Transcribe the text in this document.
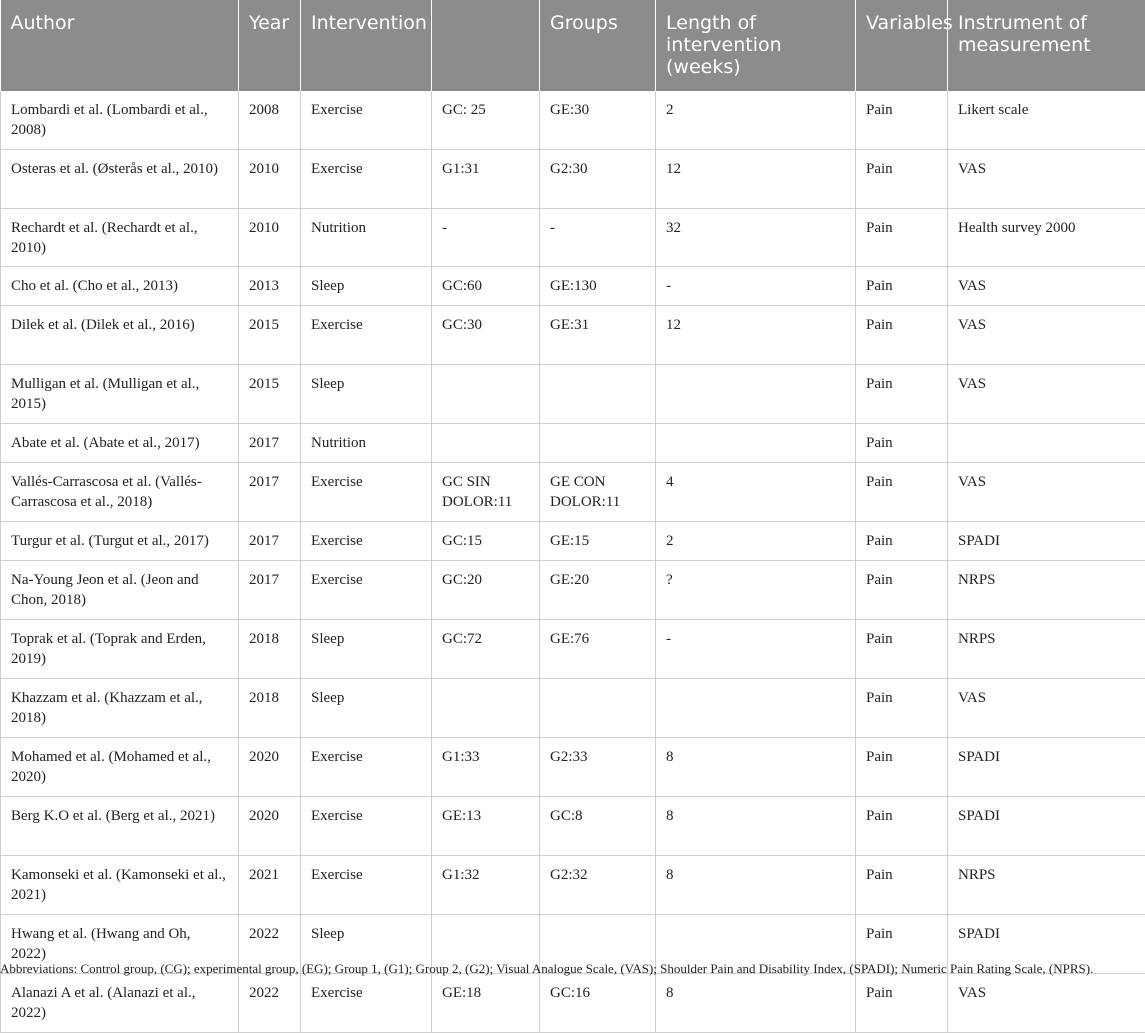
Author	Year	Intervention		Groups	Length of intervention (weeks)	Variables	Instrument of measurement
Lombardi et al. (Lombardi et al., 2008)	2008	Exercise	GC: 25	GE:30	2	Pain	Likert scale
Osteras et al. (Østerås et al., 2010)	2010	Exercise	G1:31	G2:30	12	Pain	VAS
Rechardt et al. (Rechardt et al., 2010)	2010	Nutrition	-	-	32	Pain	Health survey 2000
Cho et al. (Cho et al., 2013)	2013	Sleep	GC:60	GE:130	-	Pain	VAS
Dilek et al. (Dilek et al., 2016)	2015	Exercise	GC:30	GE:31	12	Pain	VAS
Mulligan et al. (Mulligan et al., 2015)	2015	Sleep				Pain	VAS
Abate et al. (Abate et al., 2017)	2017	Nutrition				Pain	
Vallés-Carrascosa et al. (Vallés-Carrascosa et al., 2018)	2017	Exercise	GC SIN DOLOR:11	GE CON DOLOR:11	4	Pain	VAS
Turgur et al. (Turgut et al., 2017)	2017	Exercise	GC:15	GE:15	2	Pain	SPADI
Na-Young Jeon et al. (Jeon and Chon, 2018)	2017	Exercise	GC:20	GE:20	?	Pain	NRPS
Toprak et al. (Toprak and Erden, 2019)	2018	Sleep	GC:72	GE:76	-	Pain	NRPS
Khazzam et al. (Khazzam et al., 2018)	2018	Sleep				Pain	VAS
Mohamed et al. (Mohamed et al., 2020)	2020	Exercise	G1:33	G2:33	8	Pain	SPADI
Berg K.O et al. (Berg et al., 2021)	2020	Exercise	GE:13	GC:8	8	Pain	SPADI
Kamonseki et al. (Kamonseki et al., 2021)	2021	Exercise	G1:32	G2:32	8	Pain	NRPS
Hwang et al. (Hwang and Oh, 2022)	2022	Sleep				Pain	SPADI
Alanazi A et al. (Alanazi et al., 2022)	2022	Exercise	GE:18	GC:16	8	Pain	VAS
Abbreviations: Control group, (CG); experimental group, (EG); Group 1, (G1); Group 2, (G2); Visual Analogue Scale, (VAS); Shoulder Pain and Disability Index, (SPADI); Numeric Pain Rating Scale, (NPRS).
